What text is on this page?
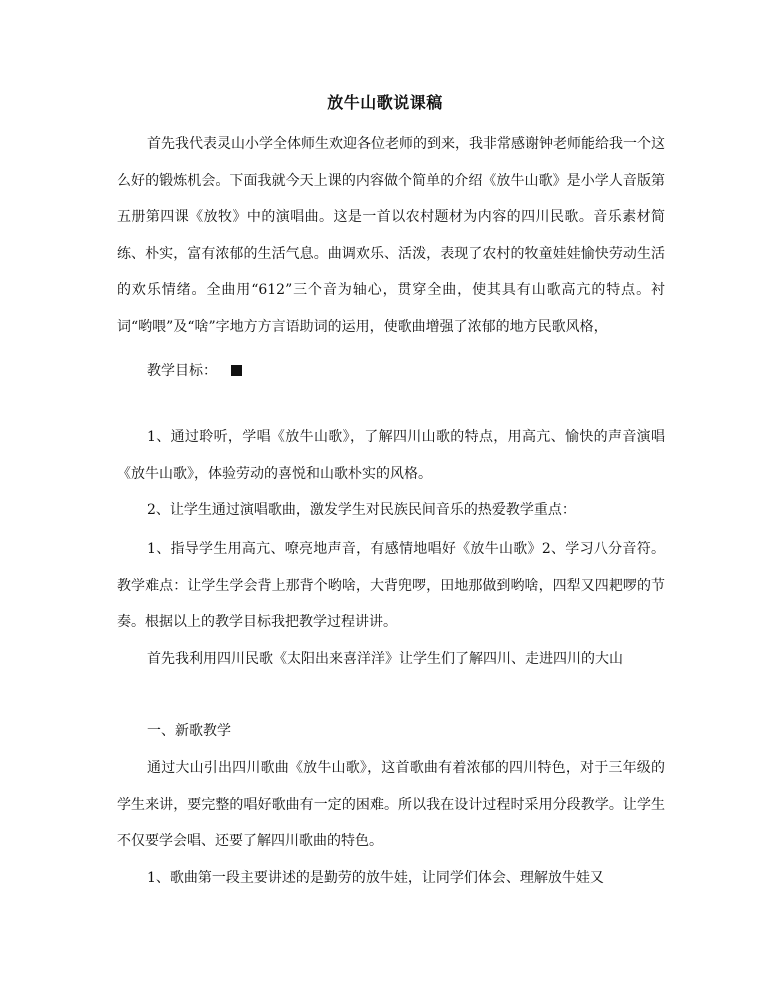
放牛山歌说课稿

首先我代表灵山小学全体师生欢迎各位老师的到来，我非常感谢钟老师能给我一个这么好的锻炼机会。下面我就今天上课的内容做个简单的介绍《放牛山歌》是小学人音版第五册第四课《放牧》中的演唱曲。这是一首以农村题材为内容的四川民歌。音乐素材简练、朴实，富有浓郁的生活气息。曲调欢乐、活泼，表现了农村的牧童娃娃愉快劳动生活的欢乐情绪。全曲用“612”三个音为轴心，贯穿全曲，使其具有山歌高亢的特点。衬词“哟喂”及“啥”字地方方言语助词的运用，使歌曲增强了浓郁的地方民歌风格，

教学目标：

1、通过聆听，学唱《放牛山歌》，了解四川山歌的特点，用高亢、愉快的声音演唱《放牛山歌》，体验劳动的喜悦和山歌朴实的风格。

2、让学生通过演唱歌曲，激发学生对民族民间音乐的热爱教学重点：

1、指导学生用高亢、嘹亮地声音，有感情地唱好《放牛山歌》2、学习八分音符。教学难点：让学生学会背上那背个哟啥，大背兜啰，田地那做到哟啥，四犁又四耙啰的节奏。根据以上的教学目标我把教学过程讲讲。

首先我利用四川民歌《太阳出来喜洋洋》让学生们了解四川、走进四川的大山

一、新歌教学

通过大山引出四川歌曲《放牛山歌》，这首歌曲有着浓郁的四川特色，对于三年级的学生来讲，要完整的唱好歌曲有一定的困难。所以我在设计过程时采用分段教学。让学生不仅要学会唱、还要了解四川歌曲的特色。

1、歌曲第一段主要讲述的是勤劳的放牛娃，让同学们体会、理解放牛娃又
